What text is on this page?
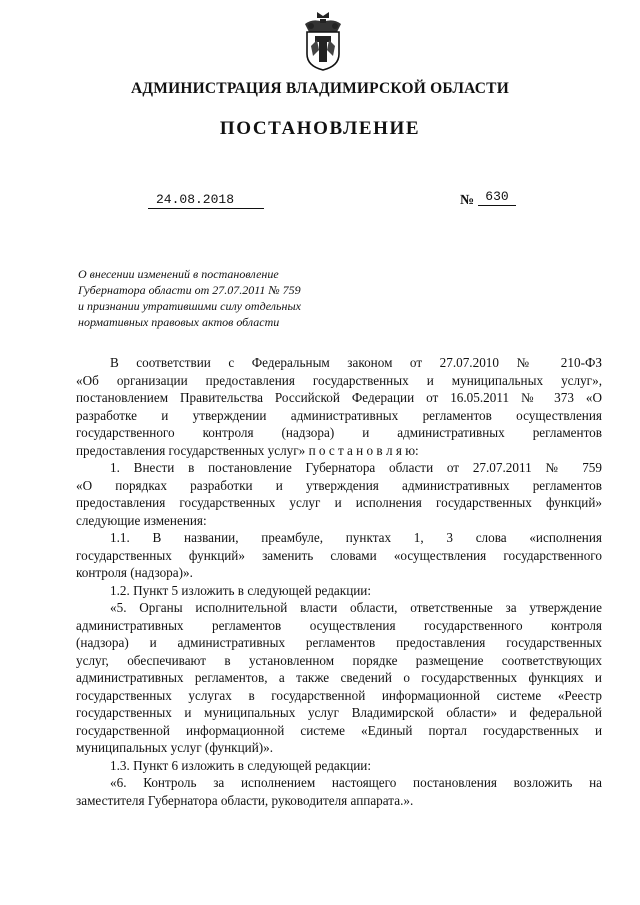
АДМИНИСТРАЦИЯ ВЛАДИМИРСКОЙ ОБЛАСТИ
ПОСТАНОВЛЕНИЕ
24.08.2018	№ 630
О внесении изменений в постановление
Губернатора области от 27.07.2011 № 759
и признании утратившими силу отдельных
нормативных правовых актов области
В соответствии с Федеральным законом от 27.07.2010 № 210-ФЗ
«Об организации предоставления государственных и муниципальных услуг»,
постановлением Правительства Российской Федерации от 16.05.2011 № 373 «О
разработке и утверждении административных регламентов осуществления
государственного контроля (надзора) и административных регламентов
предоставления государственных услуг» п о с т а н о в л я ю:
1. Внести в постановление Губернатора области от 27.07.2011 № 759
«О порядках разработки и утверждения административных регламентов
предоставления государственных услуг и исполнения государственных функций»
следующие изменения:
1.1. В названии, преамбуле, пунктах 1, 3 слова «исполнения
государственных функций» заменить словами «осуществления государственного
контроля (надзора)».
1.2. Пункт 5 изложить в следующей редакции:
«5. Органы исполнительной власти области, ответственные за утверждение
административных регламентов осуществления государственного контроля
(надзора) и административных регламентов предоставления государственных
услуг, обеспечивают в установленном порядке размещение соответствующих
административных регламентов, а также сведений о государственных функциях и
государственных услугах в государственной информационной системе «Реестр
государственных и муниципальных услуг Владимирской области» и федеральной
государственной информационной системе «Единый портал государственных и
муниципальных услуг (функций)».
1.3. Пункт 6 изложить в следующей редакции:
«6. Контроль за исполнением настоящего постановления возложить на
заместителя Губернатора области, руководителя аппарата.».
